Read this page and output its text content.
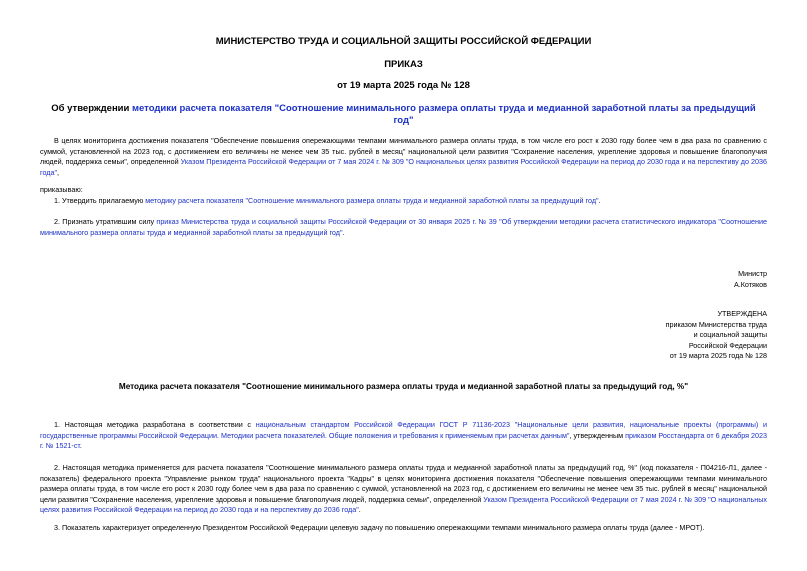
МИНИСТЕРСТВО ТРУДА И СОЦИАЛЬНОЙ ЗАЩИТЫ РОССИЙСКОЙ ФЕДЕРАЦИИ
ПРИКАЗ
от 19 марта 2025 года № 128
Об утверждении методики расчета показателя "Соотношение минимального размера оплаты труда и медианной заработной платы за предыдущий год"
В целях мониторинга достижения показателя "Обеспечение повышения опережающими темпами минимального размера оплаты труда, в том числе его рост к 2030 году более чем в два раза по сравнению с суммой, установленной на 2023 год, с достижением его величины не менее чем 35 тыс. рублей в месяц" национальной цели развития "Сохранение населения, укрепление здоровья и повышение благополучия людей, поддержка семьи", определенной Указом Президента Российской Федерации от 7 мая 2024 г. № 309 "О национальных целях развития Российской Федерации на период до 2030 года и на перспективу до 2036 года",
приказываю:
1. Утвердить прилагаемую методику расчета показателя "Соотношение минимального размера оплаты труда и медианной заработной платы за предыдущий год".
2. Признать утратившим силу приказ Министерства труда и социальной защиты Российской Федерации от 30 января 2025 г. № 39 "Об утверждении методики расчета статистического индикатора "Соотношение минимального размера оплаты труда и медианной заработной платы за предыдущий год".
Министр
А.Котяков
УТВЕРЖДЕНА
приказом Министерства труда
и социальной защиты
Российской Федерации
от 19 марта 2025 года № 128
Методика расчета показателя "Соотношение минимального размера оплаты труда и медианной заработной платы за предыдущий год, %"
1. Настоящая методика разработана в соответствии с национальным стандартом Российской Федерации ГОСТ Р 71136-2023 "Национальные цели развития, национальные проекты (программы) и государственные программы Российской Федерации. Методики расчета показателей. Общие положения и требования к применяемым при расчетах данным", утвержденным приказом Росстандарта от 6 декабря 2023 г. № 1521-ст.
2. Настоящая методика применяется для расчета показателя "Соотношение минимального размера оплаты труда и медианной заработной платы за предыдущий год, %" (код показателя - П04216-Л1, далее - показатель) федерального проекта "Управление рынком труда" национального проекта "Кадры" в целях мониторинга достижения показателя "Обеспечение повышения опережающими темпами минимального размера оплаты труда, в том числе его рост к 2030 году более чем в два раза по сравнению с суммой, установленной на 2023 год, с достижением его величины не менее чем 35 тыс. рублей в месяц" национальной цели развития "Сохранение населения, укрепление здоровья и повышение благополучия людей, поддержка семьи", определенной Указом Президента Российской Федерации от 7 мая 2024 г. № 309 "О национальных целях развития Российской Федерации на период до 2030 года и на перспективу до 2036 года".
3. Показатель характеризует определенную Президентом Российской Федерации целевую задачу по повышению опережающими темпами минимального размера оплаты труда (далее - МРОТ).
